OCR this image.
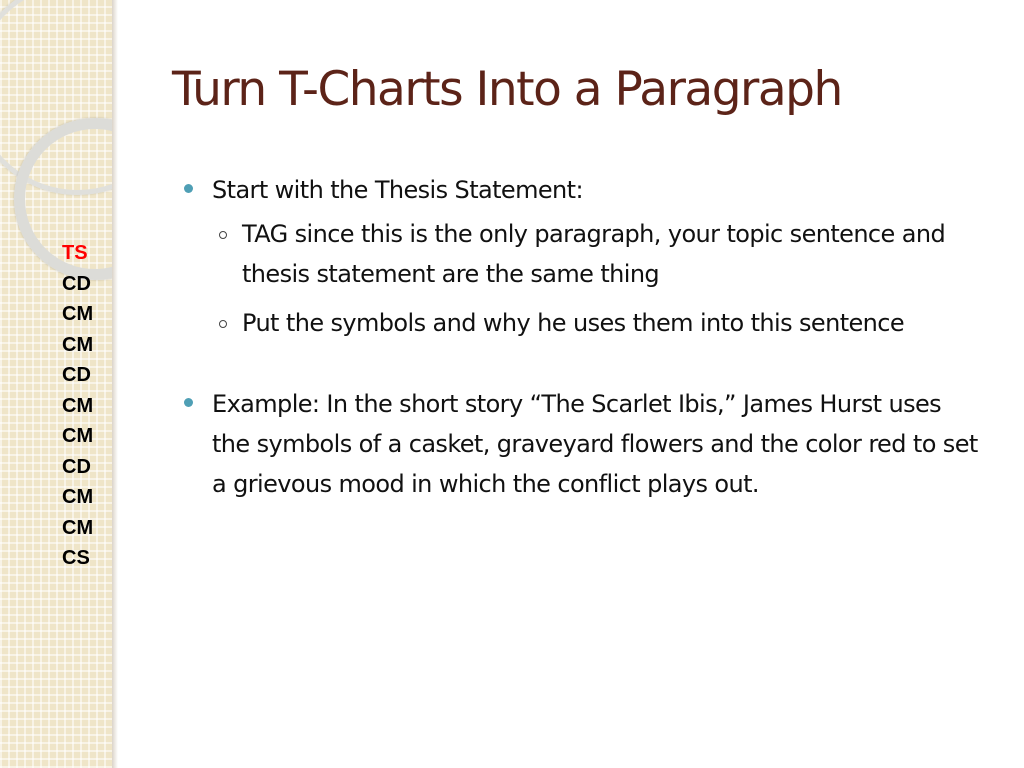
TS
CD
CM
CM
CD
CM
CM
CD
CM
CM
CS
Turn T-Charts Into a Paragraph
Start with the Thesis Statement:
TAG since this is the only paragraph, your topic sentence and thesis statement are the same thing
Put the symbols and why he uses them into this sentence
Example: In the short story “The Scarlet Ibis,” James Hurst uses the symbols of a casket, graveyard flowers and the color red to set a grievous mood in which the conflict plays out.
